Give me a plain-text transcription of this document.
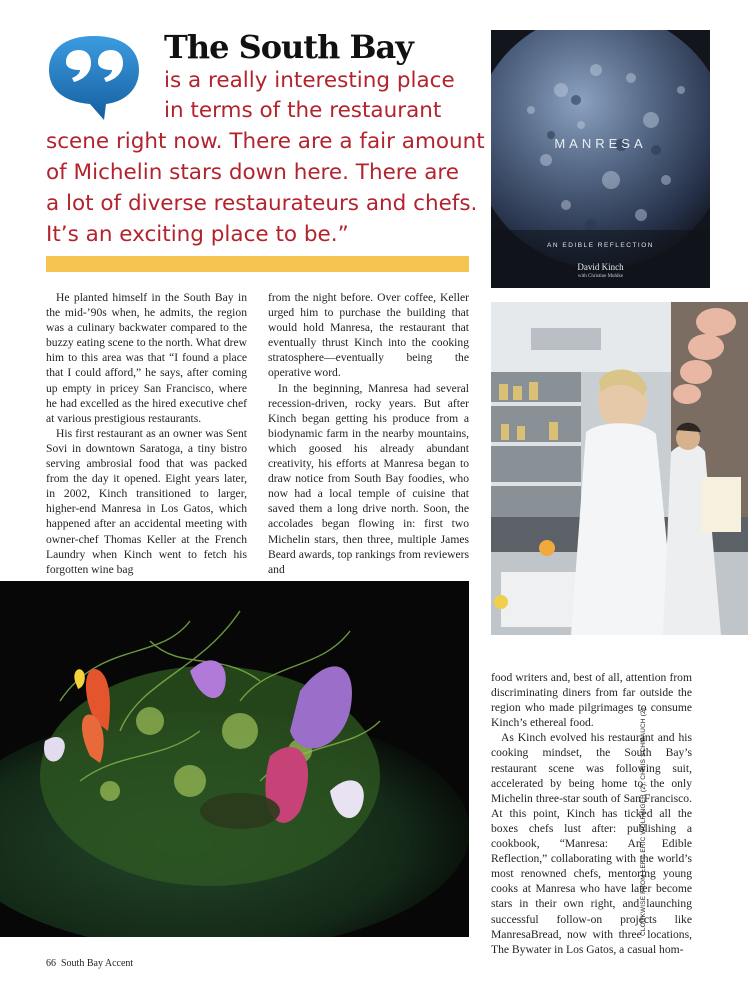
The South Bay
is a really interesting place
in terms of the restaurant
scene right now. There are a fair amount
of Michelin stars down here. There are
a lot of diverse restaurateurs and chefs.
It’s an exciting place to be.”

He planted himself in the South Bay in the mid-’90s when, he admits, the region was a culinary backwater compared to the buzzy eating scene to the north. What drew him to this area was that “I found a place that I could afford,” he says, after coming up empty in pricey San Francisco, where he had excelled as the hired executive chef at various prestigious restaurants.

His first restaurant as an owner was Sent Sovi in downtown Saratoga, a tiny bistro serving ambrosial food that was packed from the day it opened. Eight years later, in 2002, Kinch transitioned to larger, higher-end Manresa in Los Gatos, which happened after an accidental meeting with owner-chef Thomas Keller at the French Laundry when Kinch went to fetch his forgotten wine bag

from the night before. Over coffee, Keller urged him to purchase the building that would hold Manresa, the restaurant that eventually thrust Kinch into the cooking stratosphere—eventually being the operative word.

In the beginning, Manresa had several recession-driven, rocky years. But after Kinch began getting his produce from a biodynamic farm in the nearby mountains, which goosed his already abundant creativity, his efforts at Manresa began to draw notice from South Bay foodies, who now had a local temple of cuisine that saved them a long drive north. Soon, the accolades began flowing in: first two Michelin stars, then three, multiple James Beard awards, top rankings from reviewers and

food writers and, best of all, attention from discriminating diners from far outside the region who made pilgrimages to consume Kinch’s ethereal food.

As Kinch evolved his restaurant and his cooking mindset, the South Bay’s restaurant scene was following suit, accelerated by being home to the only Michelin three-star south of San Francisco. At this point, Kinch has ticked all the boxes chefs lust after: publishing a cookbook, “Manresa: An Edible Reflection,” collaborating with the world’s most renowned chefs, mentoring young cooks at Manresa who have later become stars in their own right, and launching successful follow-on projects like ManresaBread, now with three locations, The Bywater in Los Gatos, a casual hom-

MANRESA
AN EDIBLE REFLECTION
David Kinch
with Christine Muhlke
CLOCKWISE FROM LEFT: ERIC WOLFINGER (2); CHRIS SCHMAUCH (2)
66 South Bay Accent
